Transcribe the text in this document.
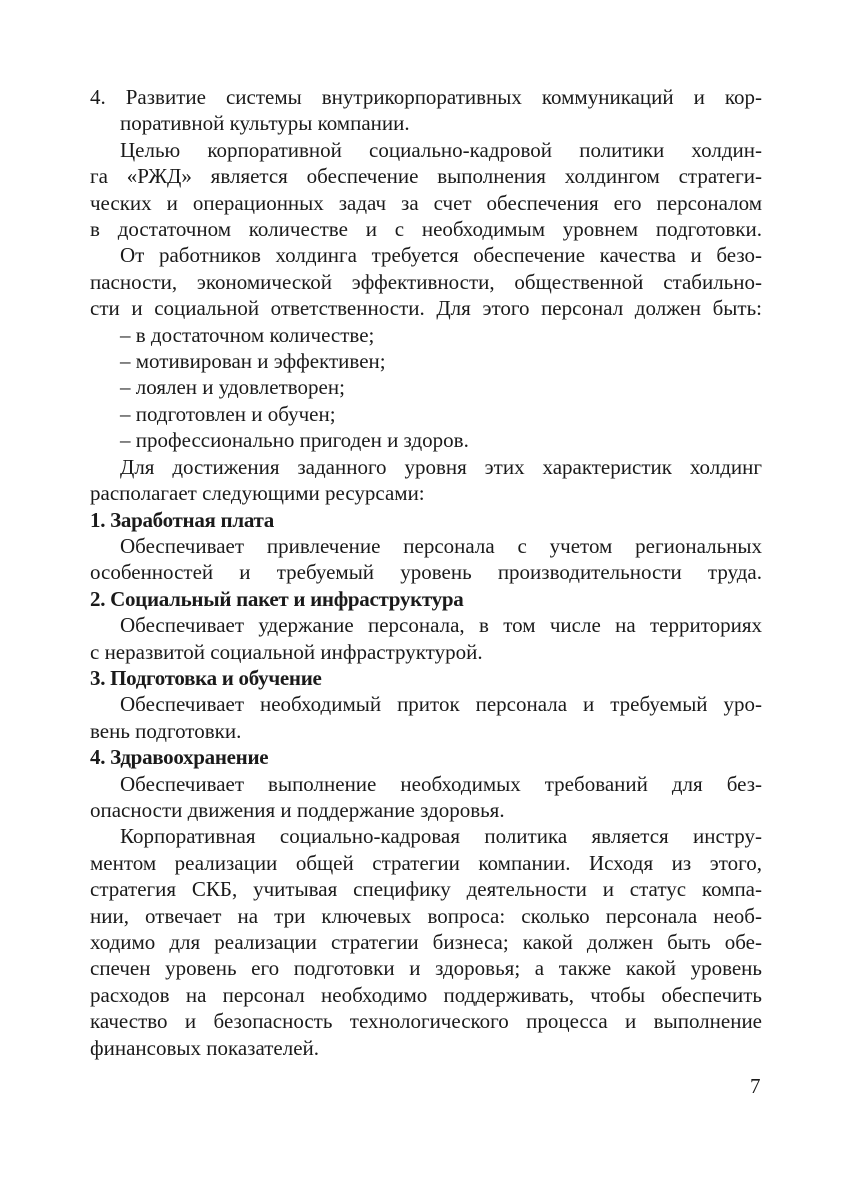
4. Развитие системы внутрикорпоративных коммуникаций и кор-
поративной культуры компании.
Целью корпоративной социально-кадровой политики холдин-
га «РЖД» является обеспечение выполнения холдингом стратеги-
ческих и операционных задач за счет обеспечения его персоналом
в достаточном количестве и с необходимым уровнем подготовки.
От работников холдинга требуется обеспечение качества и безо-
пасности, экономической эффективности, общественной стабильно-
сти и социальной ответственности. Для этого персонал должен быть:
– в достаточном количестве;
– мотивирован и эффективен;
– лоялен и удовлетворен;
– подготовлен и обучен;
– профессионально пригоден и здоров.
Для достижения заданного уровня этих характеристик холдинг
располагает следующими ресурсами:
1. Заработная плата
Обеспечивает привлечение персонала с учетом региональных
особенностей и требуемый уровень производительности труда.
2. Социальный пакет и инфраструктура
Обеспечивает удержание персонала, в том числе на территориях
с неразвитой социальной инфраструктурой.
3. Подготовка и обучение
Обеспечивает необходимый приток персонала и требуемый уро-
вень подготовки.
4. Здравоохранение
Обеспечивает выполнение необходимых требований для без-
опасности движения и поддержание здоровья.
Корпоративная социально-кадровая политика является инстру-
ментом реализации общей стратегии компании. Исходя из этого,
стратегия СКБ, учитывая специфику деятельности и статус компа-
нии, отвечает на три ключевых вопроса: сколько персонала необ-
ходимо для реализации стратегии бизнеса; какой должен быть обе-
спечен уровень его подготовки и здоровья; а также какой уровень
расходов на персонал необходимо поддерживать, чтобы обеспечить
качество и безопасность технологического процесса и выполнение
финансовых показателей.
7
